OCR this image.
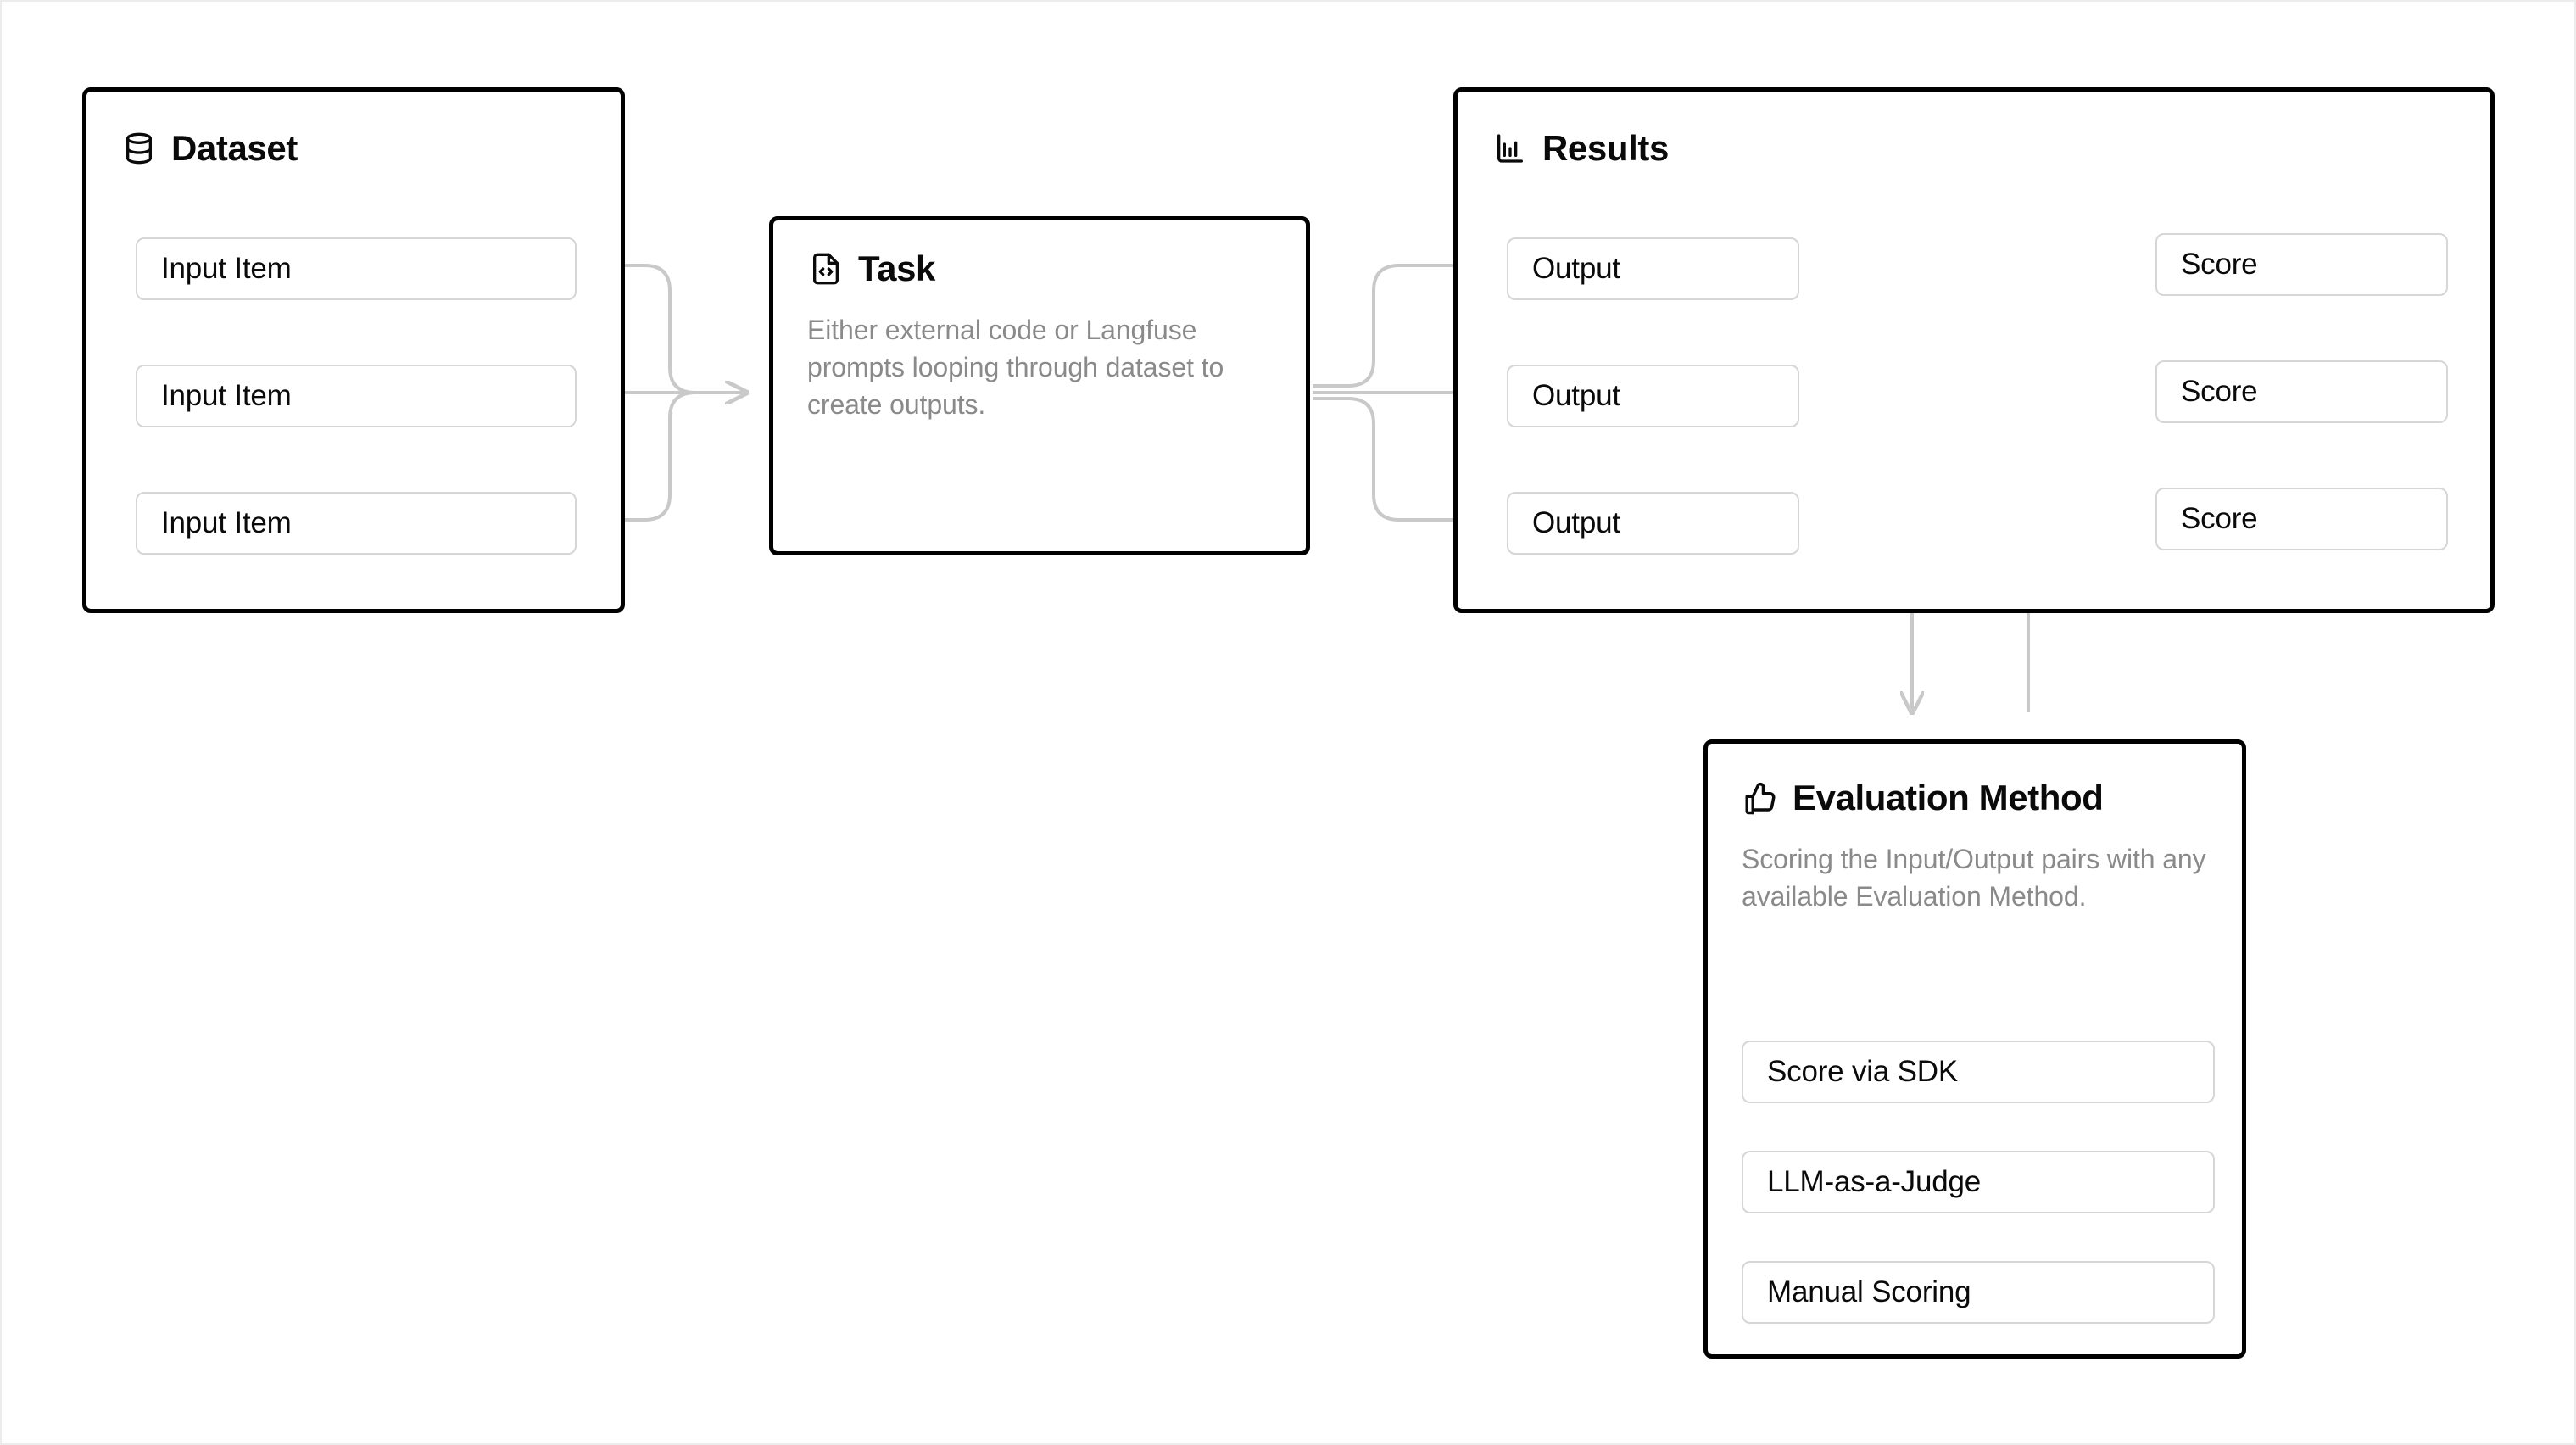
Dataset
Input Item
Input Item
Input Item
Task
Either external code or Langfuse prompts looping through dataset to create outputs.
Results
Output
Output
Output
Score
Score
Score
Evaluation Method
Scoring the Input/Output pairs with any available Evaluation Method.
Score via SDK
LLM-as-a-Judge
Manual Scoring
